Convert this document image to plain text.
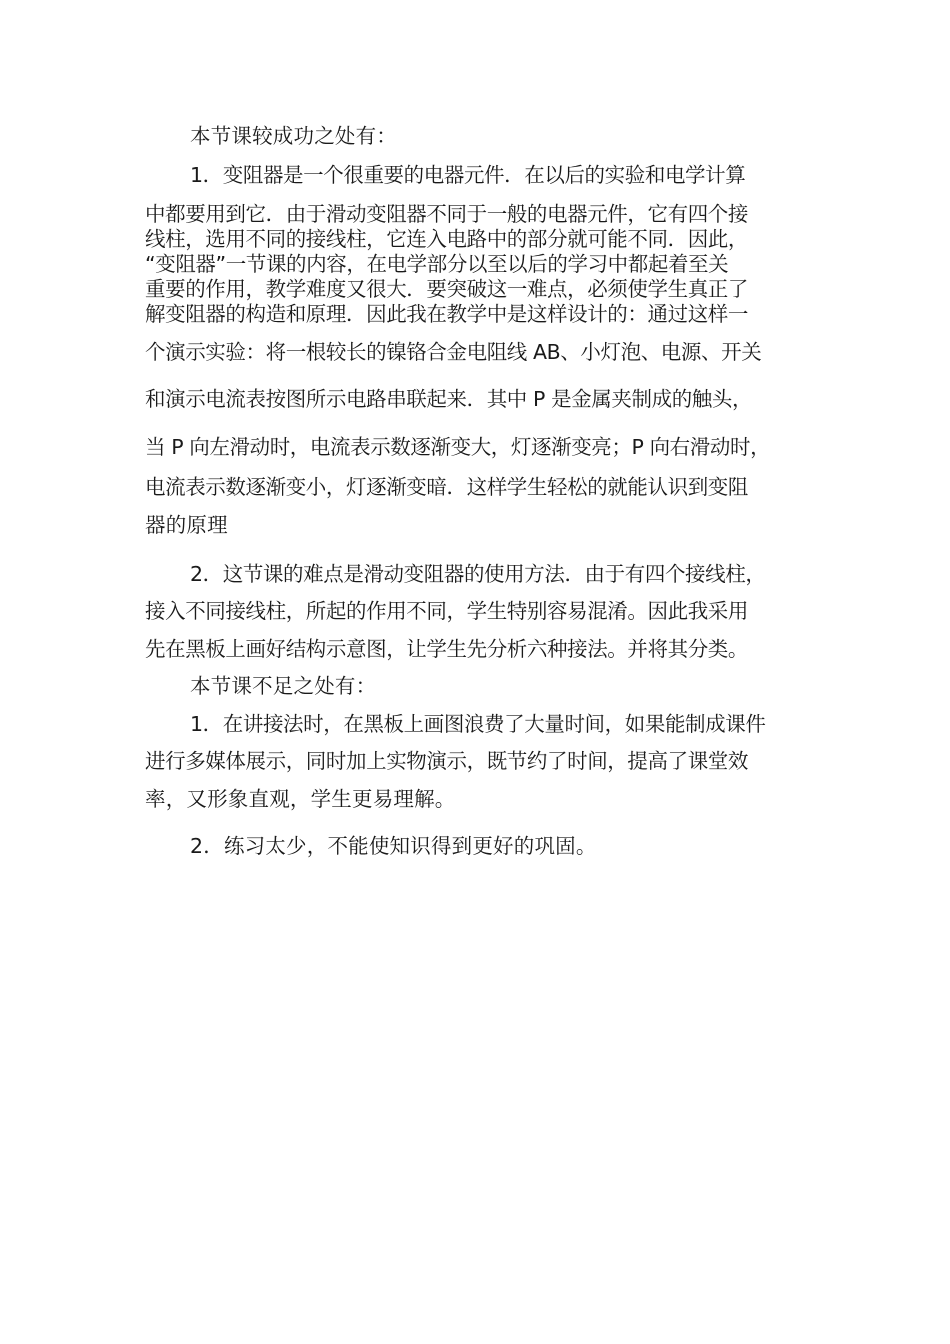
本节课较成功之处有：

1．变阻器是一个很重要的电器元件．在以后的实验和电学计算

中都要用到它．由于滑动变阻器不同于一般的电器元件，它有四个接

线柱，选用不同的接线柱，它连入电路中的部分就可能不同．因此，

“变阻器”一节课的内容，在电学部分以至以后的学习中都起着至关

重要的作用，教学难度又很大．要突破这一难点，必须使学生真正了

解变阻器的构造和原理．因此我在教学中是这样设计的：通过这样一

个演示实验：将一根较长的镍铬合金电阻线 AB、小灯泡、电源、开关

和演示电流表按图所示电路串联起来．其中 P 是金属夹制成的触头，

当 P 向左滑动时，电流表示数逐渐变大，灯逐渐变亮；P 向右滑动时，

电流表示数逐渐变小，灯逐渐变暗．这样学生轻松的就能认识到变阻

器的原理

2．这节课的难点是滑动变阻器的使用方法．由于有四个接线柱，

接入不同接线柱，所起的作用不同，学生特别容易混淆。因此我采用

先在黑板上画好结构示意图，让学生先分析六种接法。并将其分类。

本节课不足之处有：

1．在讲接法时，在黑板上画图浪费了大量时间，如果能制成课件

进行多媒体展示，同时加上实物演示，既节约了时间，提高了课堂效

率，又形象直观，学生更易理解。

2．练习太少，不能使知识得到更好的巩固。
